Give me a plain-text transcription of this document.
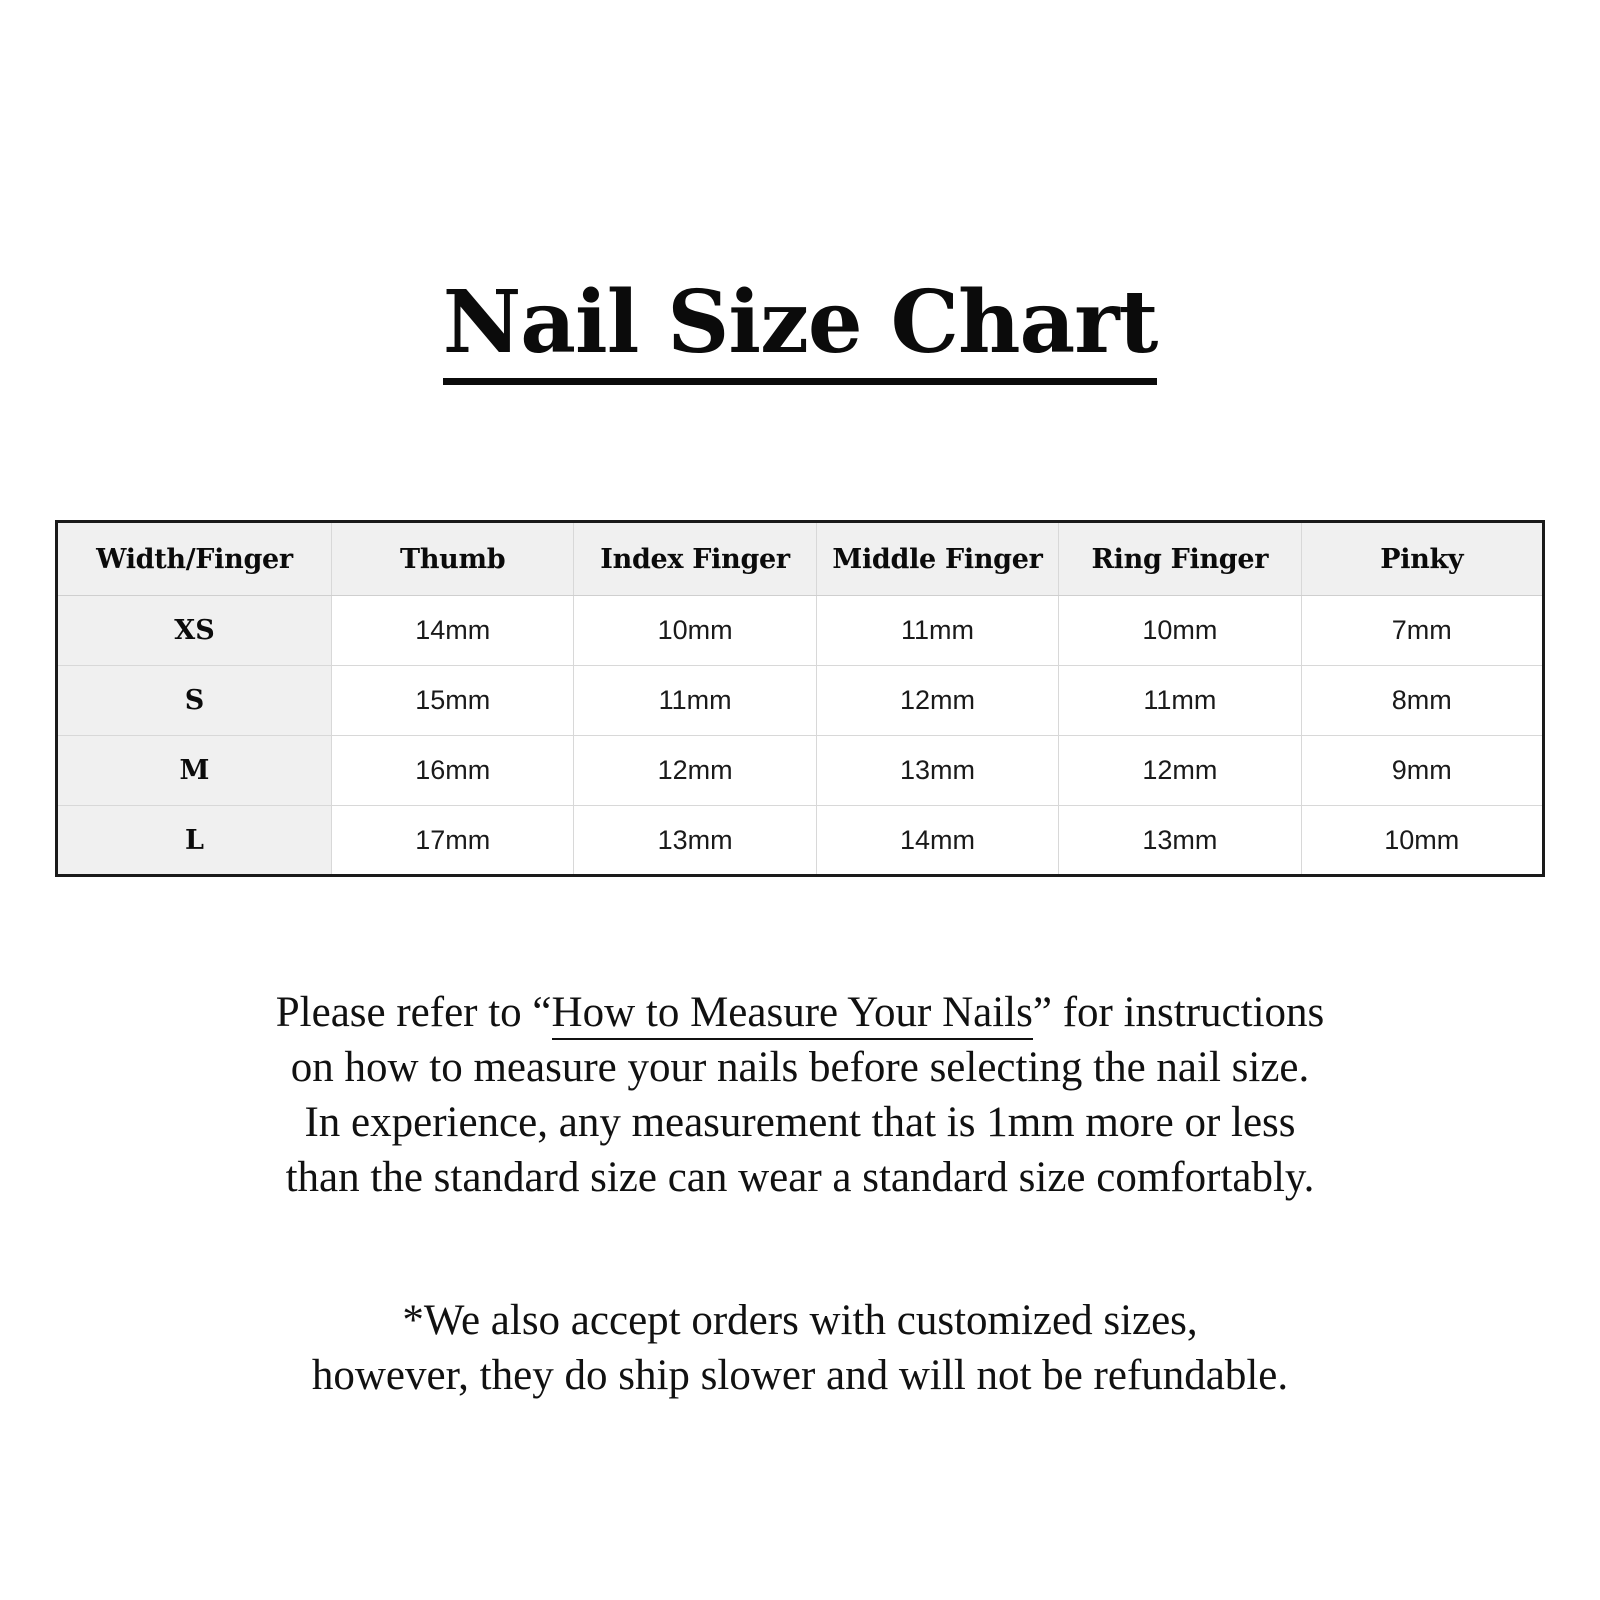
Nail Size Chart
Width/Finger	Thumb	Index Finger	Middle Finger	Ring Finger	Pinky
XS	14mm	10mm	11mm	10mm	7mm
S	15mm	11mm	12mm	11mm	8mm
M	16mm	12mm	13mm	12mm	9mm
L	17mm	13mm	14mm	13mm	10mm
Please refer to “How to Measure Your Nails” for instructions
on how to measure your nails before selecting the nail size.
In experience, any measurement that is 1mm more or less
than the standard size can wear a standard size comfortably.
*We also accept orders with customized sizes,
however, they do ship slower and will not be refundable.
